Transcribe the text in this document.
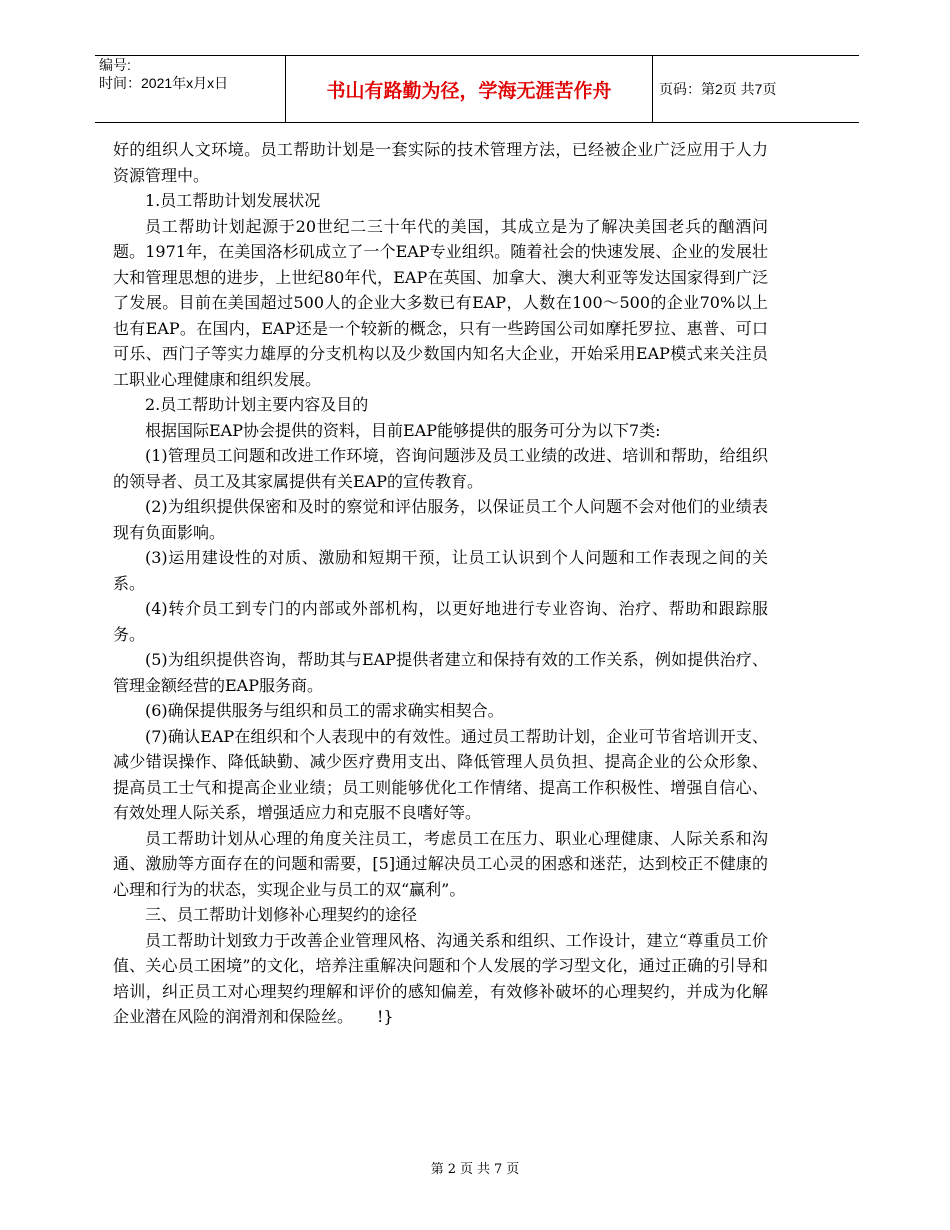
编号:
时间：2021年x月x日	书山有路勤为径，学海无涯苦作舟	页码：第2页 共7页

好的组织人文环境。员工帮助计划是一套实际的技术管理方法，已经被企业广泛应用于人力资源管理中。

1.员工帮助计划发展状况

员工帮助计划起源于20世纪二三十年代的美国，其成立是为了解决美国老兵的酗酒问题。1971年，在美国洛杉矶成立了一个EAP专业组织。随着社会的快速发展、企业的发展壮大和管理思想的进步，上世纪80年代，EAP在英国、加拿大、澳大利亚等发达国家得到广泛了发展。目前在美国超过500人的企业大多数已有EAP，人数在100～500的企业70%以上也有EAP。在国内，EAP还是一个较新的概念，只有一些跨国公司如摩托罗拉、惠普、可口可乐、西门子等实力雄厚的分支机构以及少数国内知名大企业，开始采用EAP模式来关注员工职业心理健康和组织发展。

2.员工帮助计划主要内容及目的

根据国际EAP协会提供的资料，目前EAP能够提供的服务可分为以下7类:

(1)管理员工问题和改进工作环境，咨询问题涉及员工业绩的改进、培训和帮助，给组织的领导者、员工及其家属提供有关EAP的宣传教育。

(2)为组织提供保密和及时的察觉和评估服务，以保证员工个人问题不会对他们的业绩表现有负面影响。

(3)运用建设性的对质、激励和短期干预，让员工认识到个人问题和工作表现之间的关系。

(4)转介员工到专门的内部或外部机构，以更好地进行专业咨询、治疗、帮助和跟踪服务。

(5)为组织提供咨询，帮助其与EAP提供者建立和保持有效的工作关系，例如提供治疗、管理金额经营的EAP服务商。

(6)确保提供服务与组织和员工的需求确实相契合。

(7)确认EAP在组织和个人表现中的有效性。通过员工帮助计划，企业可节省培训开支、减少错误操作、降低缺勤、减少医疗费用支出、降低管理人员负担、提高企业的公众形象、提高员工士气和提高企业业绩；员工则能够优化工作情绪、提高工作积极性、增强自信心、有效处理人际关系，增强适应力和克服不良嗜好等。

员工帮助计划从心理的角度关注员工，考虑员工在压力、职业心理健康、人际关系和沟通、激励等方面存在的问题和需要，[5]通过解决员工心灵的困惑和迷茫，达到校正不健康的心理和行为的状态，实现企业与员工的双“赢利”。

三、员工帮助计划修补心理契约的途径

员工帮助计划致力于改善企业管理风格、沟通关系和组织、工作设计，建立“尊重员工价值、关心员工困境”的文化，培养注重解决问题和个人发展的学习型文化，通过正确的引导和培训，纠正员工对心理契约理解和评价的感知偏差，有效修补破坏的心理契约，并成为化解企业潜在风险的润滑剂和保险丝。　　!}

第 2 页 共 7 页
